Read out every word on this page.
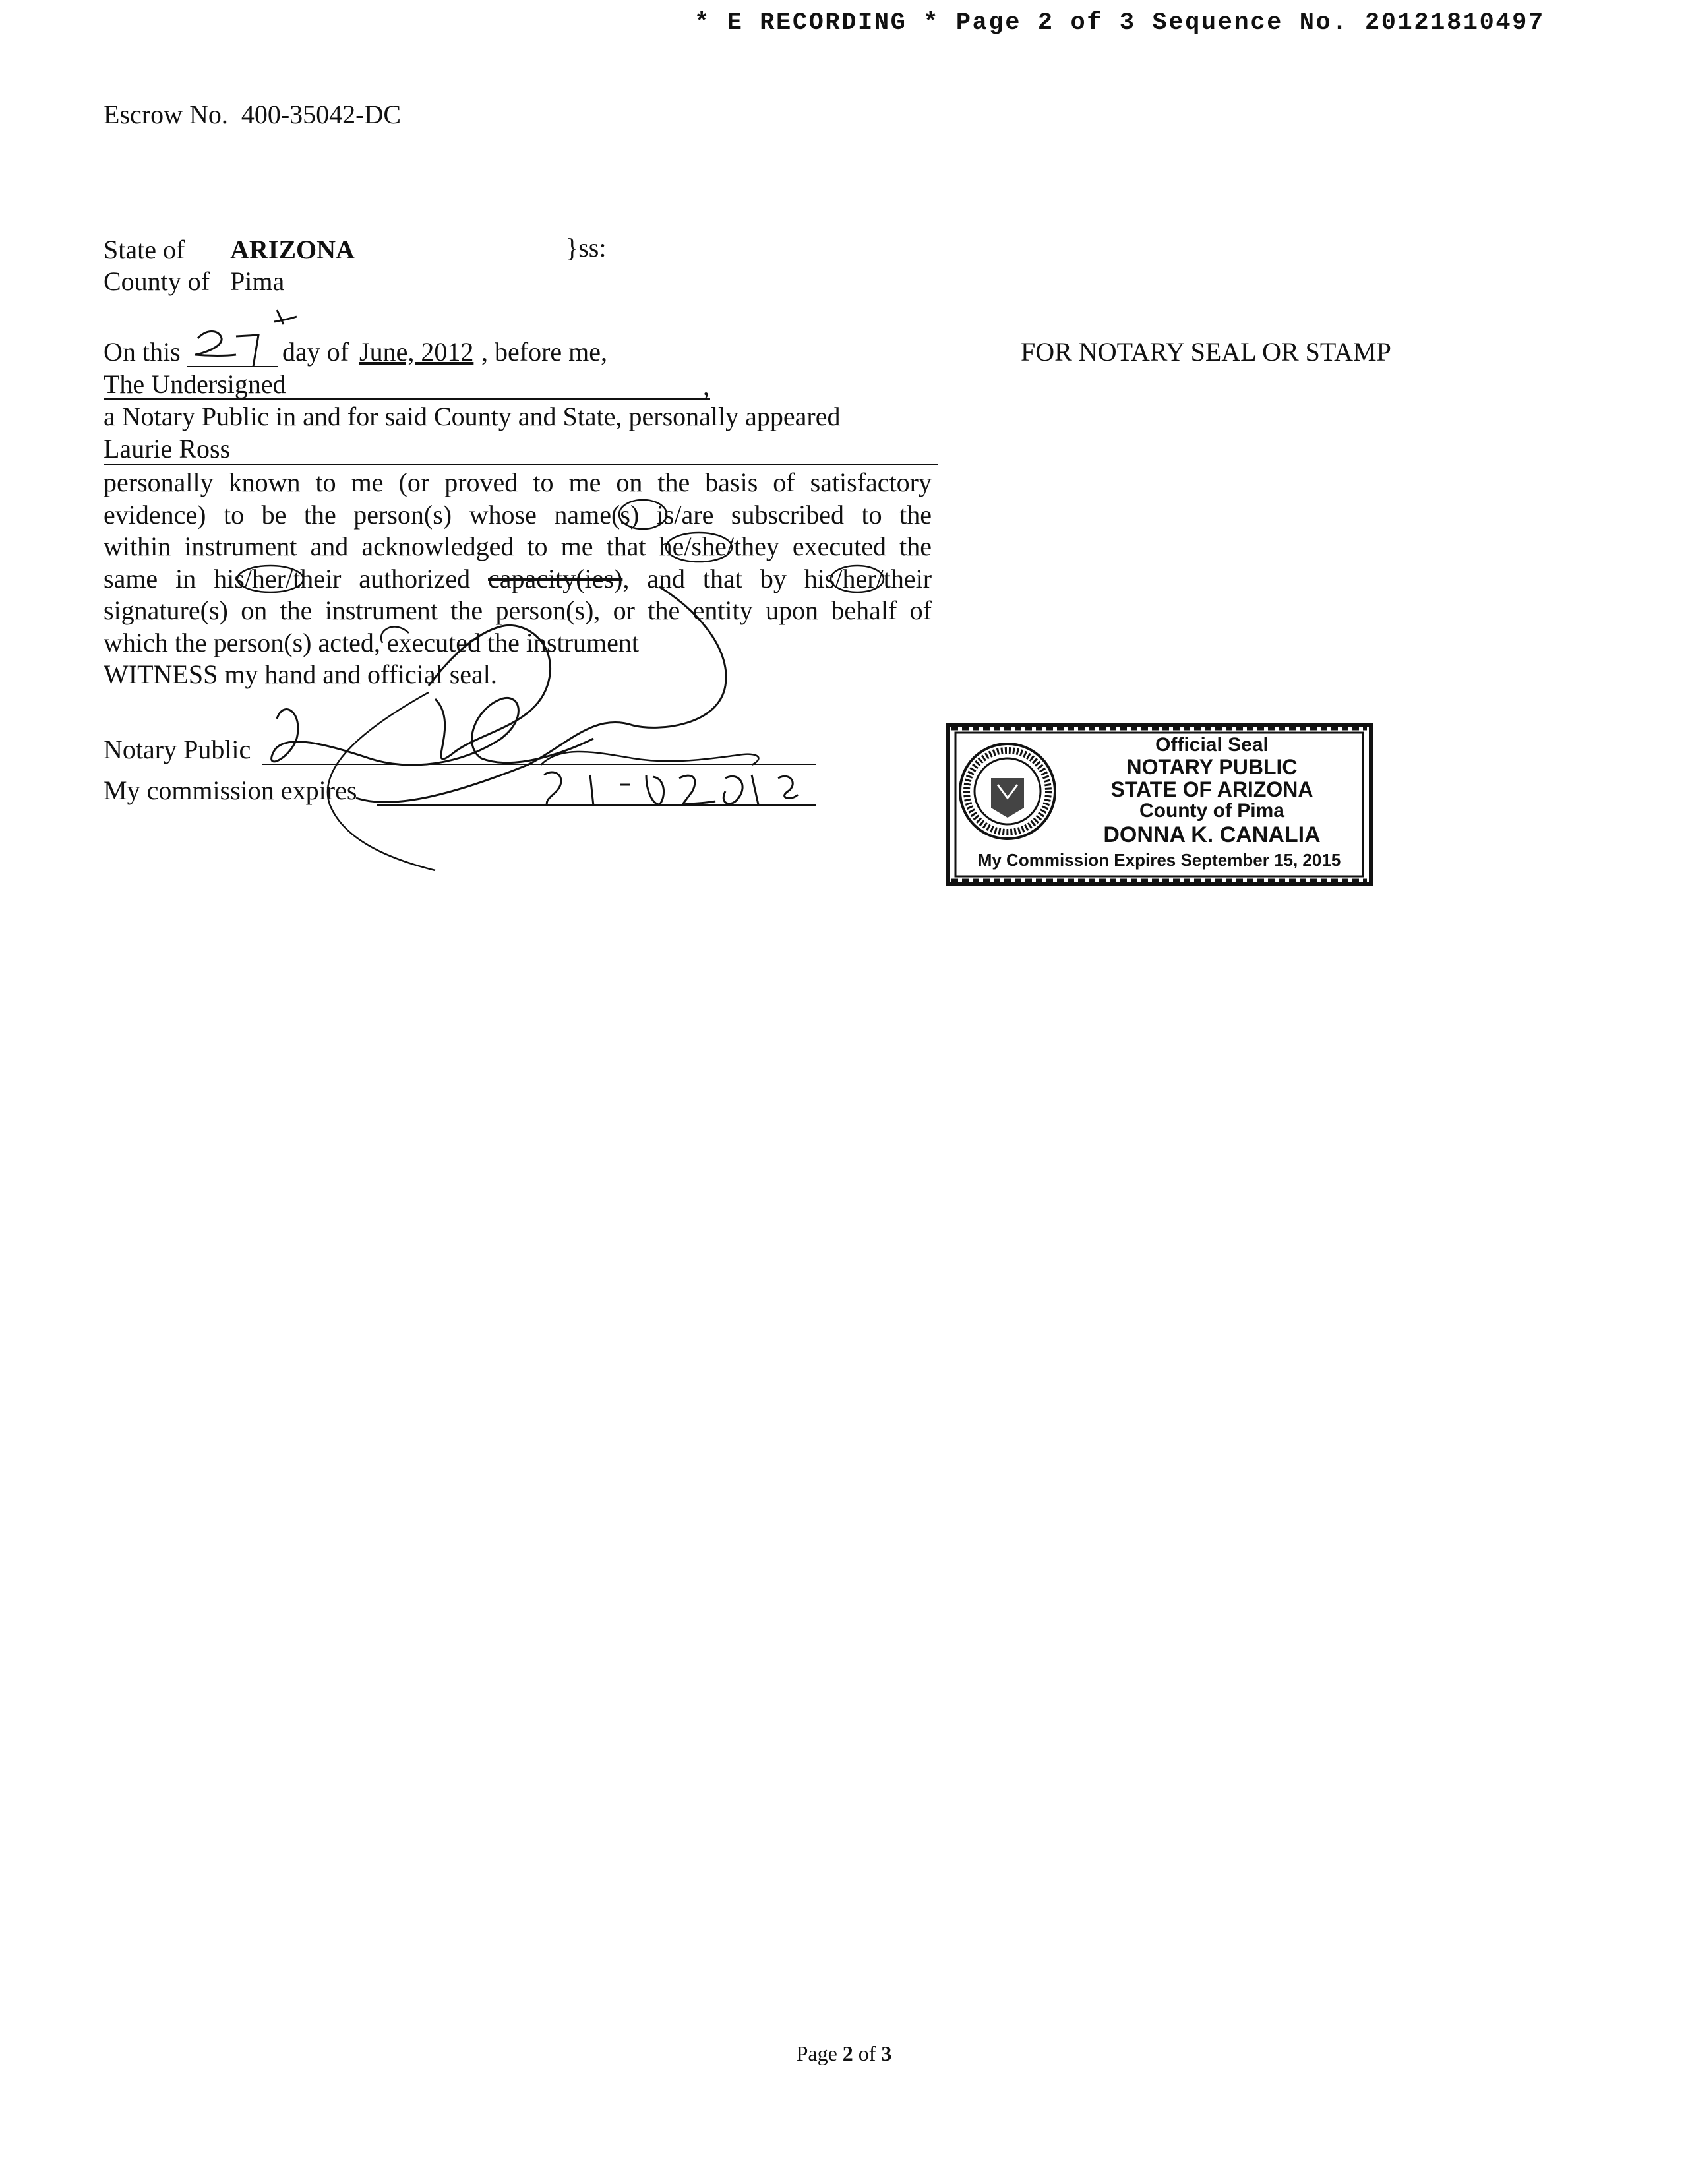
* E RECORDING * Page 2 of 3 Sequence No. 20121810497
Escrow No. 400-35042-DC
State of ARIZONA	}ss:
County of Pima
On this	day of June, 2012 , before me,
The Undersigned	,
a Notary Public in and for said County and State, personally appeared
Laurie Ross
personally known to me (or proved to me on the basis of satisfactory
evidence) to be the person(s) whose name(s) is/are subscribed to the
within instrument and acknowledged to me that he/she/they executed the
same in his/her/their authorized capacity(ies), and that by his/her/their
signature(s) on the instrument the person(s), or the entity upon behalf of
which the person(s) acted, executed the instrument
WITNESS my hand and official seal.
Notary Public
My commission expires
FOR NOTARY SEAL OR STAMP
Official Seal
NOTARY PUBLIC
STATE OF ARIZONA
County of Pima
DONNA K. CANALIA
My Commission Expires September 15, 2015
Page 2 of 3
